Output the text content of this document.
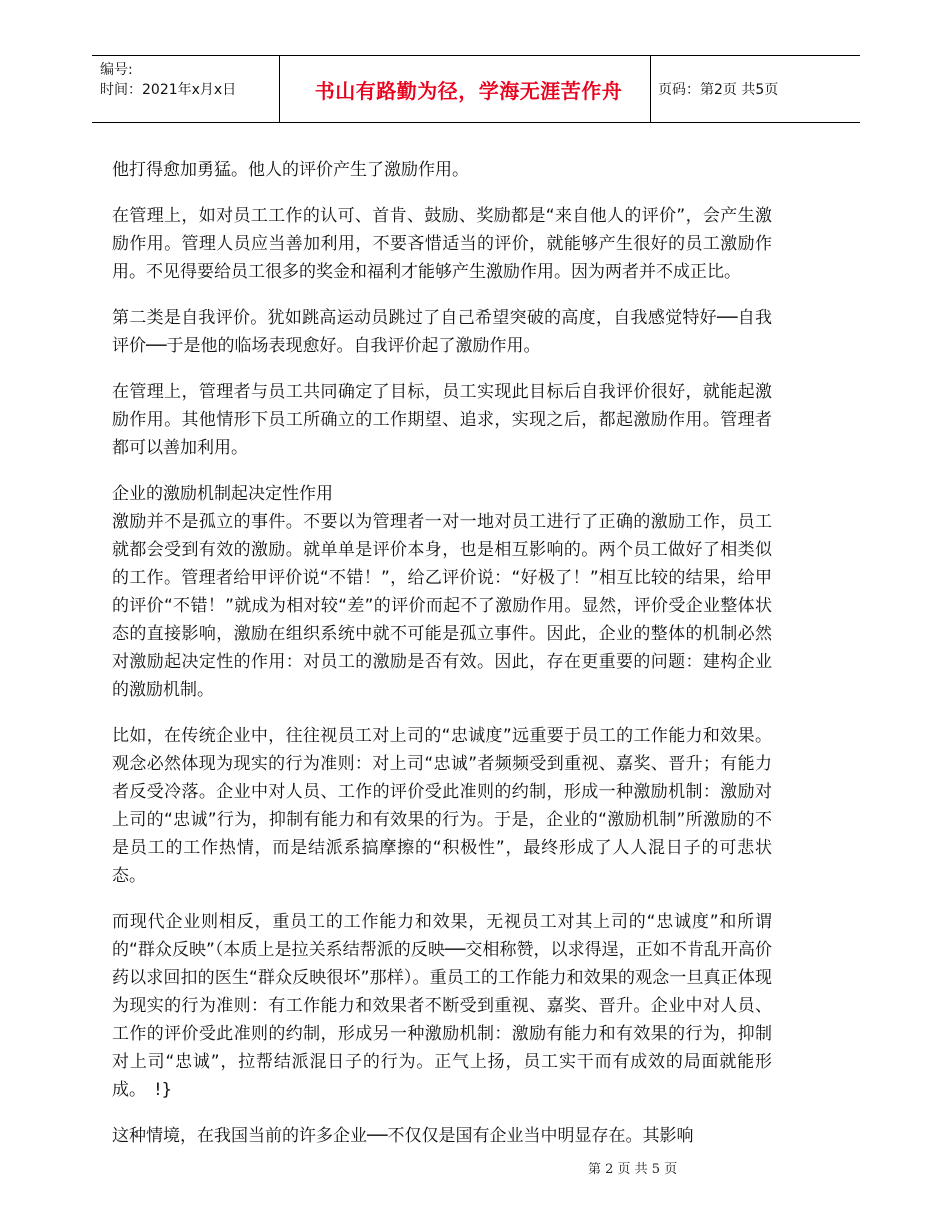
编号:
时间：2021年x月x日	书山有路勤为径，学海无涯苦作舟	页码：第2页 共5页

他打得愈加勇猛。他人的评价产生了激励作用。

在管理上，如对员工工作的认可、首肯、鼓励、奖励都是“来自他人的评价”，会产生激励作用。管理人员应当善加利用，不要吝惜适当的评价，就能够产生很好的员工激励作用。不见得要给员工很多的奖金和福利才能够产生激励作用。因为两者并不成正比。

第二类是自我评价。犹如跳高运动员跳过了自己希望突破的高度，自我感觉特好──自我评价──于是他的临场表现愈好。自我评价起了激励作用。

在管理上，管理者与员工共同确定了目标，员工实现此目标后自我评价很好，就能起激励作用。其他情形下员工所确立的工作期望、追求，实现之后，都起激励作用。管理者都可以善加利用。

企业的激励机制起决定性作用

激励并不是孤立的事件。不要以为管理者一对一地对员工进行了正确的激励工作，员工就都会受到有效的激励。就单单是评价本身，也是相互影响的。两个员工做好了相类似的工作。管理者给甲评价说“不错！”，给乙评价说：“好极了！”相互比较的结果，给甲的评价“不错！”就成为相对较“差”的评价而起不了激励作用。显然，评价受企业整体状态的直接影响，激励在组织系统中就不可能是孤立事件。因此，企业的整体的机制必然对激励起决定性的作用：对员工的激励是否有效。因此，存在更重要的问题：建构企业的激励机制。

比如，在传统企业中，往往视员工对上司的“忠诚度”远重要于员工的工作能力和效果。观念必然体现为现实的行为准则：对上司“忠诚”者频频受到重视、嘉奖、晋升；有能力者反受冷落。企业中对人员、工作的评价受此准则的约制，形成一种激励机制：激励对上司的“忠诚”行为，抑制有能力和有效果的行为。于是，企业的“激励机制”所激励的不是员工的工作热情，而是结派系搞摩擦的“积极性”，最终形成了人人混日子的可悲状态。

而现代企业则相反，重员工的工作能力和效果，无视员工对其上司的“忠诚度”和所谓的“群众反映”（本质上是拉关系结帮派的反映──交相称赞，以求得逞，正如不肯乱开高价药以求回扣的医生“群众反映很坏”那样）。重员工的工作能力和效果的观念一旦真正体现为现实的行为准则：有工作能力和效果者不断受到重视、嘉奖、晋升。企业中对人员、工作的评价受此准则的约制，形成另一种激励机制：激励有能力和有效果的行为，抑制对上司“忠诚”，拉帮结派混日子的行为。正气上扬，员工实干而有成效的局面就能形成。　!}

这种情境，在我国当前的许多企业──不仅仅是国有企业当中明显存在。其影响

第 2 页 共 5 页
